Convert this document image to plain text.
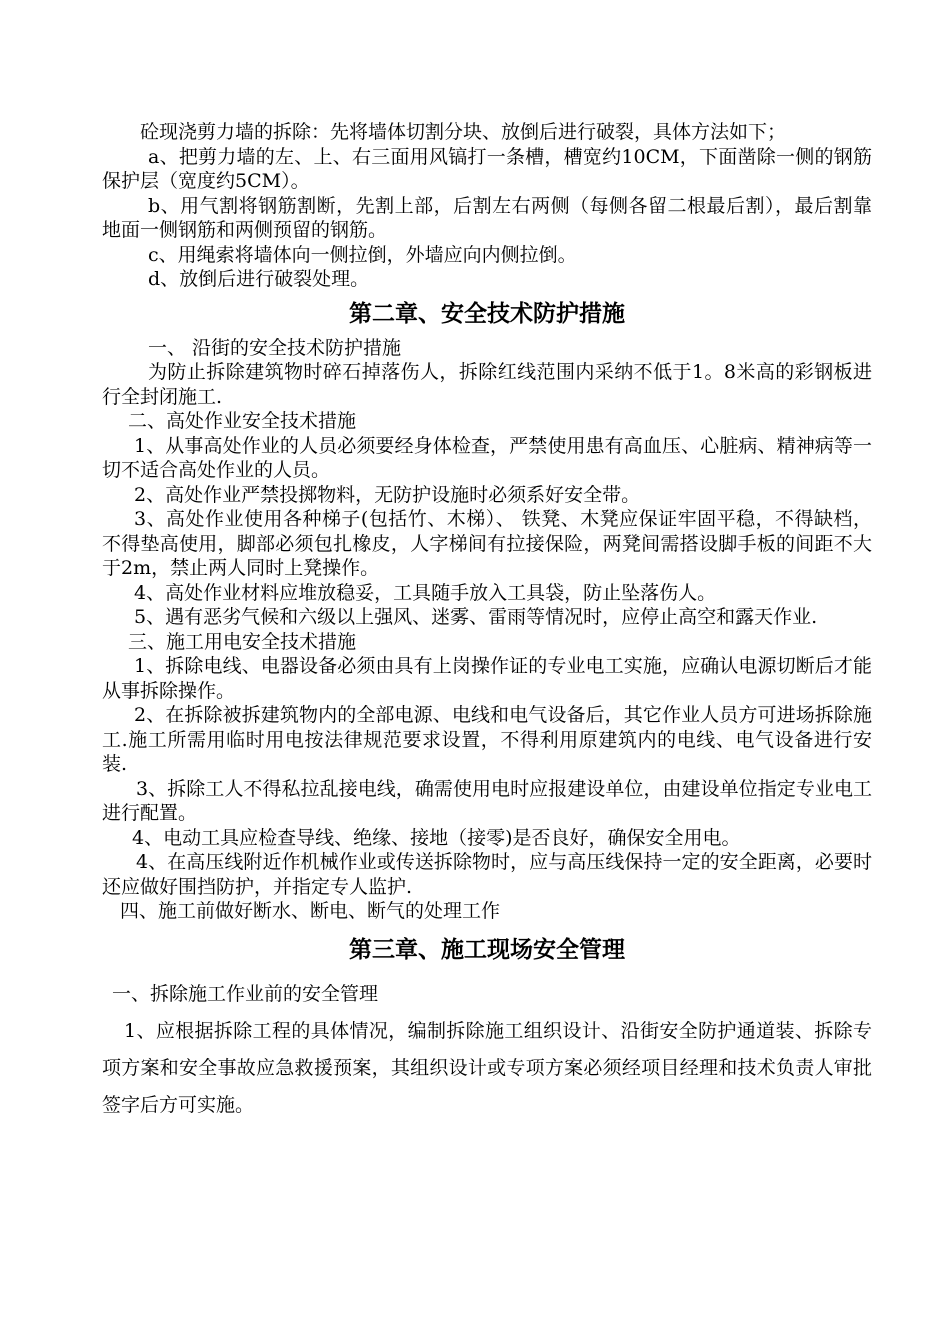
砼现浇剪力墙的拆除：先将墙体切割分块、放倒后进行破裂，具体方法如下；

a、把剪力墙的左、上、右三面用风镐打一条槽，槽宽约10CM，下面凿除一侧的钢筋保护层（宽度约5CM）。

b、用气割将钢筋割断，先割上部，后割左右两侧（每侧各留二根最后割），最后割靠地面一侧钢筋和两侧预留的钢筋。

c、用绳索将墙体向一侧拉倒，外墙应向内侧拉倒。

d、放倒后进行破裂处理。

第二章、安全技术防护措施

一、 沿街的安全技术防护措施

为防止拆除建筑物时碎石掉落伤人，拆除红线范围内采纳不低于1。8米高的彩钢板进行全封闭施工.

二、高处作业安全技术措施

1、从事高处作业的人员必须要经身体检查，严禁使用患有高血压、心脏病、精神病等一切不适合高处作业的人员。

2、高处作业严禁投掷物料，无防护设施时必须系好安全带。

3、高处作业使用各种梯子(包括竹、木梯）、 铁凳、木凳应保证牢固平稳，不得缺档，不得垫高使用，脚部必须包扎橡皮，人字梯间有拉接保险，两凳间需搭设脚手板的间距不大于2m，禁止两人同时上凳操作。

4、高处作业材料应堆放稳妥，工具随手放入工具袋，防止坠落伤人。

5、遇有恶劣气候和六级以上强风、迷雾、雷雨等情况时，应停止高空和露天作业.

三、施工用电安全技术措施

1、拆除电线、电器设备必须由具有上岗操作证的专业电工实施，应确认电源切断后才能从事拆除操作。

2、在拆除被拆建筑物内的全部电源、电线和电气设备后，其它作业人员方可进场拆除施工.施工所需用临时用电按法律规范要求设置，不得利用原建筑内的电线、电气设备进行安装.

3、拆除工人不得私拉乱接电线，确需使用电时应报建设单位，由建设单位指定专业电工进行配置。

4、电动工具应检查导线、绝缘、接地（接零)是否良好，确保安全用电。

4、在高压线附近作机械作业或传送拆除物时，应与高压线保持一定的安全距离，必要时还应做好围挡防护，并指定专人监护.

四、施工前做好断水、断电、断气的处理工作

第三章、施工现场安全管理

一、拆除施工作业前的安全管理

1、应根据拆除工程的具体情况，编制拆除施工组织设计、沿街安全防护通道装、拆除专项方案和安全事故应急救援预案，其组织设计或专项方案必须经项目经理和技术负责人审批签字后方可实施。
